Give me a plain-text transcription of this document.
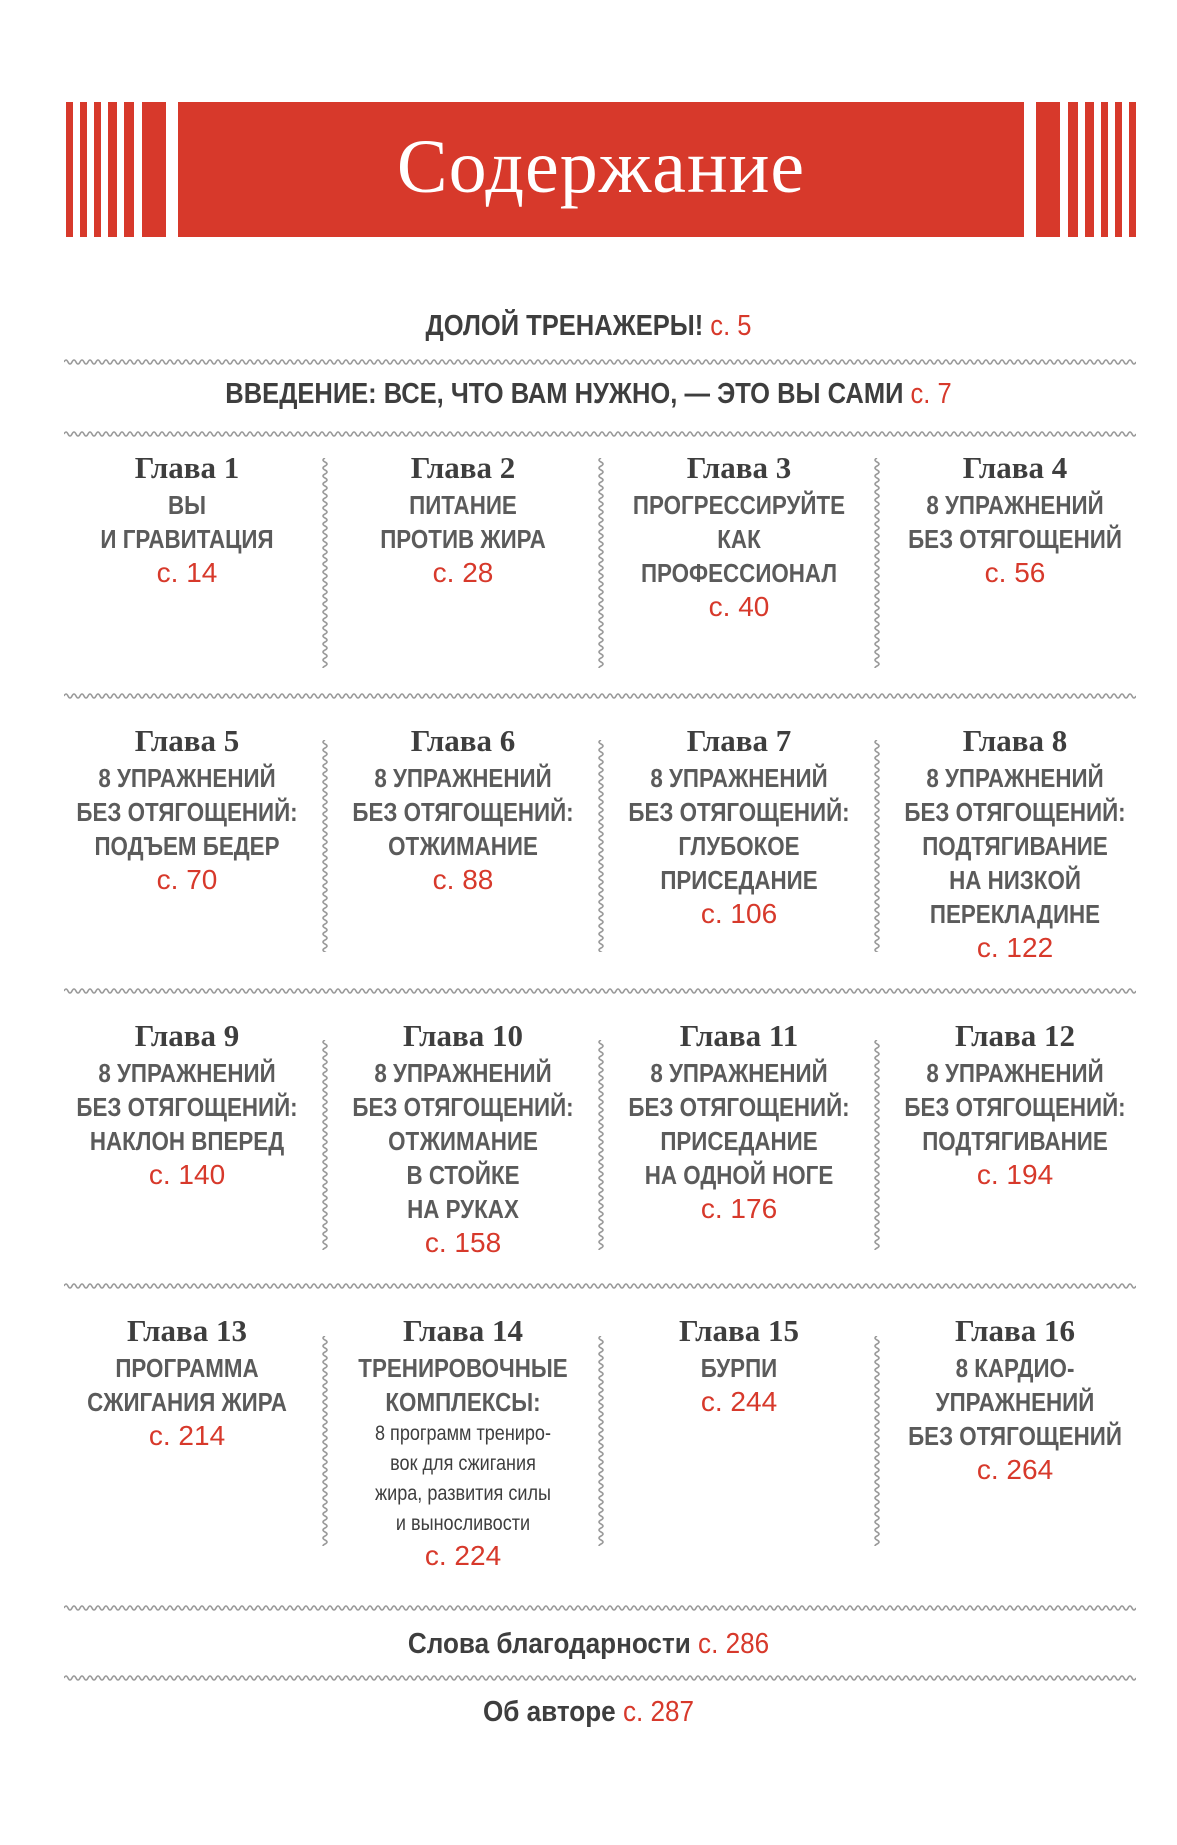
Содержание
ДОЛОЙ ТРЕНАЖЕРЫ! с. 5
ВВЕДЕНИЕ: ВСЕ, ЧТО ВАМ НУЖНО, — ЭТО ВЫ САМИ с. 7
Глава 1
ВЫ
И ГРАВИТАЦИЯ
с. 14
Глава 2
ПИТАНИЕ
ПРОТИВ ЖИРА
с. 28
Глава 3
ПРОГРЕССИРУЙТЕ
КАК
ПРОФЕССИОНАЛ
с. 40
Глава 4
8 УПРАЖНЕНИЙ
БЕЗ ОТЯГОЩЕНИЙ
с. 56
Глава 5
8 УПРАЖНЕНИЙ
БЕЗ ОТЯГОЩЕНИЙ:
ПОДЪЕМ БЕДЕР
с. 70
Глава 6
8 УПРАЖНЕНИЙ
БЕЗ ОТЯГОЩЕНИЙ:
ОТЖИМАНИЕ
с. 88
Глава 7
8 УПРАЖНЕНИЙ
БЕЗ ОТЯГОЩЕНИЙ:
ГЛУБОКОЕ
ПРИСЕДАНИЕ
с. 106
Глава 8
8 УПРАЖНЕНИЙ
БЕЗ ОТЯГОЩЕНИЙ:
ПОДТЯГИВАНИЕ
НА НИЗКОЙ
ПЕРЕКЛАДИНЕ
с. 122
Глава 9
8 УПРАЖНЕНИЙ
БЕЗ ОТЯГОЩЕНИЙ:
НАКЛОН ВПЕРЕД
с. 140
Глава 10
8 УПРАЖНЕНИЙ
БЕЗ ОТЯГОЩЕНИЙ:
ОТЖИМАНИЕ
В СТОЙКЕ
НА РУКАХ
с. 158
Глава 11
8 УПРАЖНЕНИЙ
БЕЗ ОТЯГОЩЕНИЙ:
ПРИСЕДАНИЕ
НА ОДНОЙ НОГЕ
с. 176
Глава 12
8 УПРАЖНЕНИЙ
БЕЗ ОТЯГОЩЕНИЙ:
ПОДТЯГИВАНИЕ
с. 194
Глава 13
ПРОГРАММА
СЖИГАНИЯ ЖИРА
с. 214
Глава 14
ТРЕНИРОВОЧНЫЕ
КОМПЛЕКСЫ:
8 программ трениро-
вок для сжигания
жира, развития силы
и выносливости
с. 224
Глава 15
БУРПИ
с. 244
Глава 16
8 КАРДИО-
УПРАЖНЕНИЙ
БЕЗ ОТЯГОЩЕНИЙ
с. 264
Слова благодарности с. 286
Об авторе с. 287
